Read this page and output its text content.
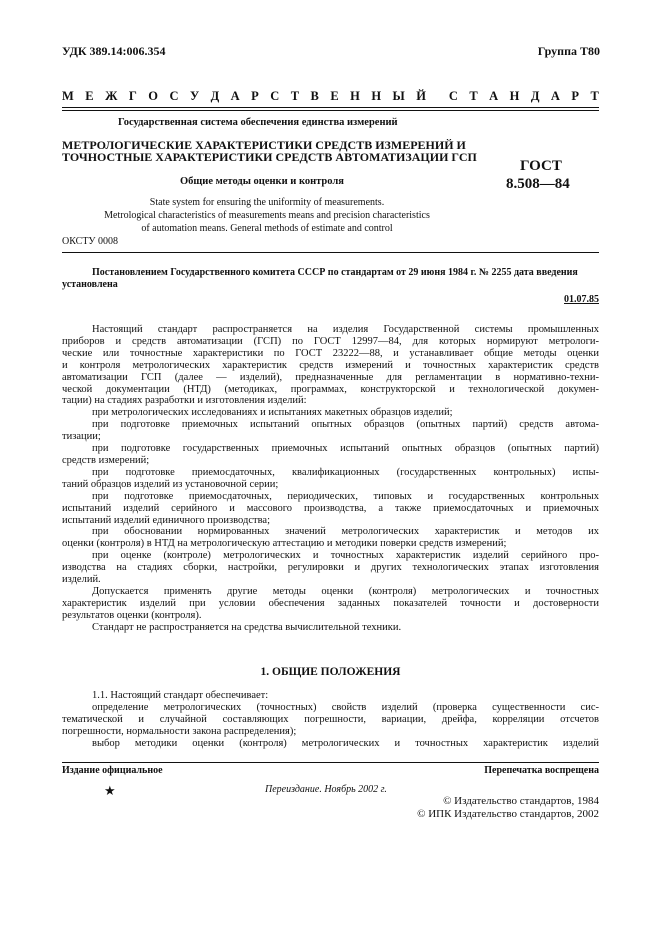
УДК 389.14:006.354	Группа Т80
М Е Ж Г О С У Д А Р С Т В Е Н Н Ы Й С Т А Н Д А Р Т
Государственная система обеспечения единства измерений
МЕТРОЛОГИЧЕСКИЕ ХАРАКТЕРИСТИКИ СРЕДСТВ ИЗМЕРЕНИЙ И
ТОЧНОСТНЫЕ ХАРАКТЕРИСТИКИ СРЕДСТВ АВТОМАТИЗАЦИИ ГСП
ГОСТ
8.508—84
Общие методы оценки и контроля
State system for ensuring the uniformity of measurements.
Metrological characteristics of measurements means and precision characteristics
of automation means. General methods of estimate and control
ОКСТУ 0008
Постановлением Государственного комитета СССР по стандартам от 29 июня 1984 г. № 2255 дата введения
установлена
01.07.85

Настоящий стандарт распространяется на изделия Государственной системы промышленных

приборов и средств автоматизации (ГСП) по ГОСТ 12997—84, для которых нормируют метрологи-

ческие или точностные характеристики по ГОСТ 23222—88, и устанавливает общие методы оценки

и контроля метрологических характеристик средств измерений и точностных характеристик средств

автоматизации ГСП (далее — изделий), предназначенные для регламентации в нормативно-техни-

ческой документации (НТД) (методиках, программах, конструкторской и технологической докумен-

тации) на стадиях разработки и изготовления изделий:

при метрологических исследованиях и испытаниях макетных образцов изделий;

при подготовке приемочных испытаний опытных образцов (опытных партий) средств автома-

тизации;

при подготовке государственных приемочных испытаний опытных образцов (опытных партий)

средств измерений;

при подготовке приемосдаточных, квалификационных (государственных контрольных) испы-

таний образцов изделий из установочной серии;

при подготовке приемосдаточных, периодических, типовых и государственных контрольных

испытаний изделий серийного и массового производства, а также приемосдаточных и приемочных

испытаний изделий единичного производства;

при обосновании нормированных значений метрологических характеристик и методов их

оценки (контроля) в НТД на метрологическую аттестацию и методики поверки средств измерений;

при оценке (контроле) метрологических и точностных характеристик изделий серийного про-

изводства на стадиях сборки, настройки, регулировки и других технологических этапах изготовления

изделий.

Допускается применять другие методы оценки (контроля) метрологических и точностных

характеристик изделий при условии обеспечения заданных показателей точности и достоверности

результатов оценки (контроля).

Стандарт не распространяется на средства вычислительной техники.

1. ОБЩИЕ ПОЛОЖЕНИЯ

1.1. Настоящий стандарт обеспечивает:

определение метрологических (точностных) свойств изделий (проверка существенности сис-

тематической и случайной составляющих погрешности, вариации, дрейфа, корреляции отсчетов

погрешности, нормальности закона распределения);

выбор методики оценки (контроля) метрологических и точностных характеристик изделий

Издание официальное	Перепечатка воспрещена
★	Переиздание. Ноябрь 2002 г.
© Издательство стандартов, 1984
© ИПК Издательство стандартов, 2002
